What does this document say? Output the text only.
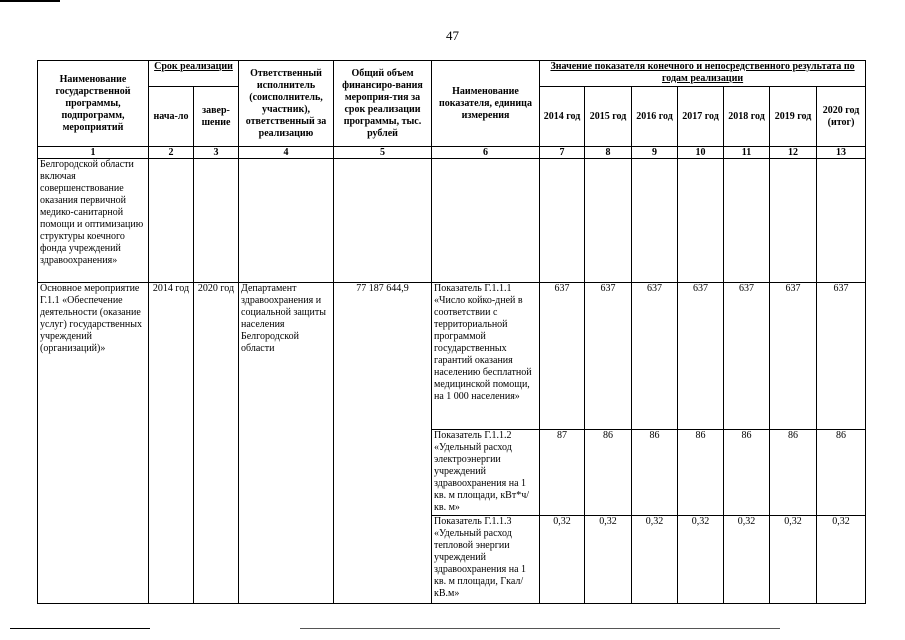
47
Наименование государственной программы, подпрограмм, мероприятий	Срок реализации		Ответственный исполнитель (соисполнитель, участник), ответственный за реализацию	Общий объем финансиро-вания мероприя-тия за срок реализации программы, тыс. рублей	Наименование показателя, единица измерения	Значение показателя конечного и непосредственного результата по годам реализации						
	нача-ло	завер-шение				2014 год	2015 год	2016 год	2017 год	2018 год	2019 год	2020 год (итог)
1	2	3	4	5	6	7	8	9	10	11	12	13
Белгородской области включая совершенствование оказания первичной медико-санитарной помощи и оптимизацию структуры коечного фонда учреждений здравоохранения»												
Основное мероприятие Г.1.1 «Обеспечение деятельности (оказание услуг) государственных учреждений (организаций)»	2014 год	2020 год	Департамент здравоохранения и социальной защиты населения Белгородской области	77 187 644,9	Показатель Г.1.1.1 «Число койко-дней в соответствии с территориальной программой государственных гарантий оказания населению бесплатной медицинской помощи, на 1 000 населения»	637	637	637	637	637	637	637
					Показатель Г.1.1.2 «Удельный расход электроэнергии учреждений здравоохранения на 1 кв. м площади, кВт*ч/кв. м»	87	86	86	86	86	86	86
					Показатель Г.1.1.3 «Удельный расход тепловой энергии учреждений здравоохранения на 1 кв. м площади, Гкал/кВ.м»	0,32	0,32	0,32	0,32	0,32	0,32	0,32
